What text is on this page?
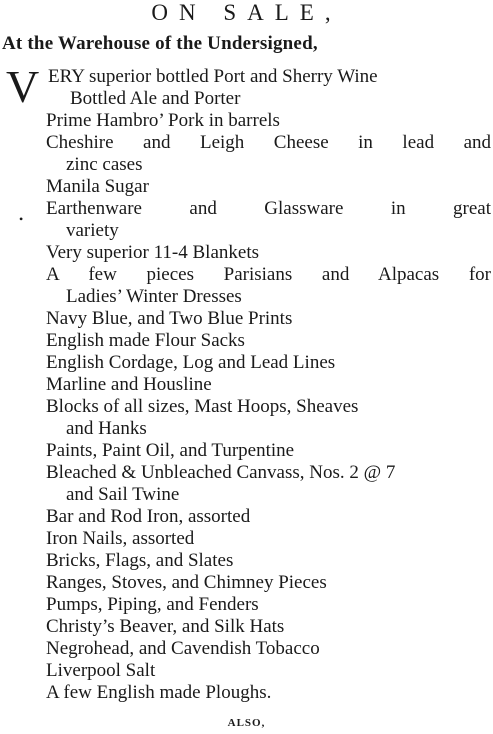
ON SALE,
At the Warehouse of the Undersigned,
V
•
ERY superior bottled Port and Sherry Wine
Bottled Ale and Porter
Prime Hambro’ Pork in barrels
Cheshire and Leigh Cheese in lead and
zinc cases
Manila Sugar
Earthenware and Glassware in great
variety
Very superior 11-4 Blankets
A few pieces Parisians and Alpacas for
Ladies’ Winter Dresses
Navy Blue, and Two Blue Prints
English made Flour Sacks
English Cordage, Log and Lead Lines
Marline and Housline
Blocks of all sizes, Mast Hoops, Sheaves
and Hanks
Paints, Paint Oil, and Turpentine
Bleached & Unbleached Canvass, Nos. 2 @ 7
and Sail Twine
Bar and Rod Iron, assorted
Iron Nails, assorted
Bricks, Flags, and Slates
Ranges, Stoves, and Chimney Pieces
Pumps, Piping, and Fenders
Christy’s Beaver, and Silk Hats
Negrohead, and Cavendish Tobacco
Liverpool Salt
A few English made Ploughs.
ALSO,
